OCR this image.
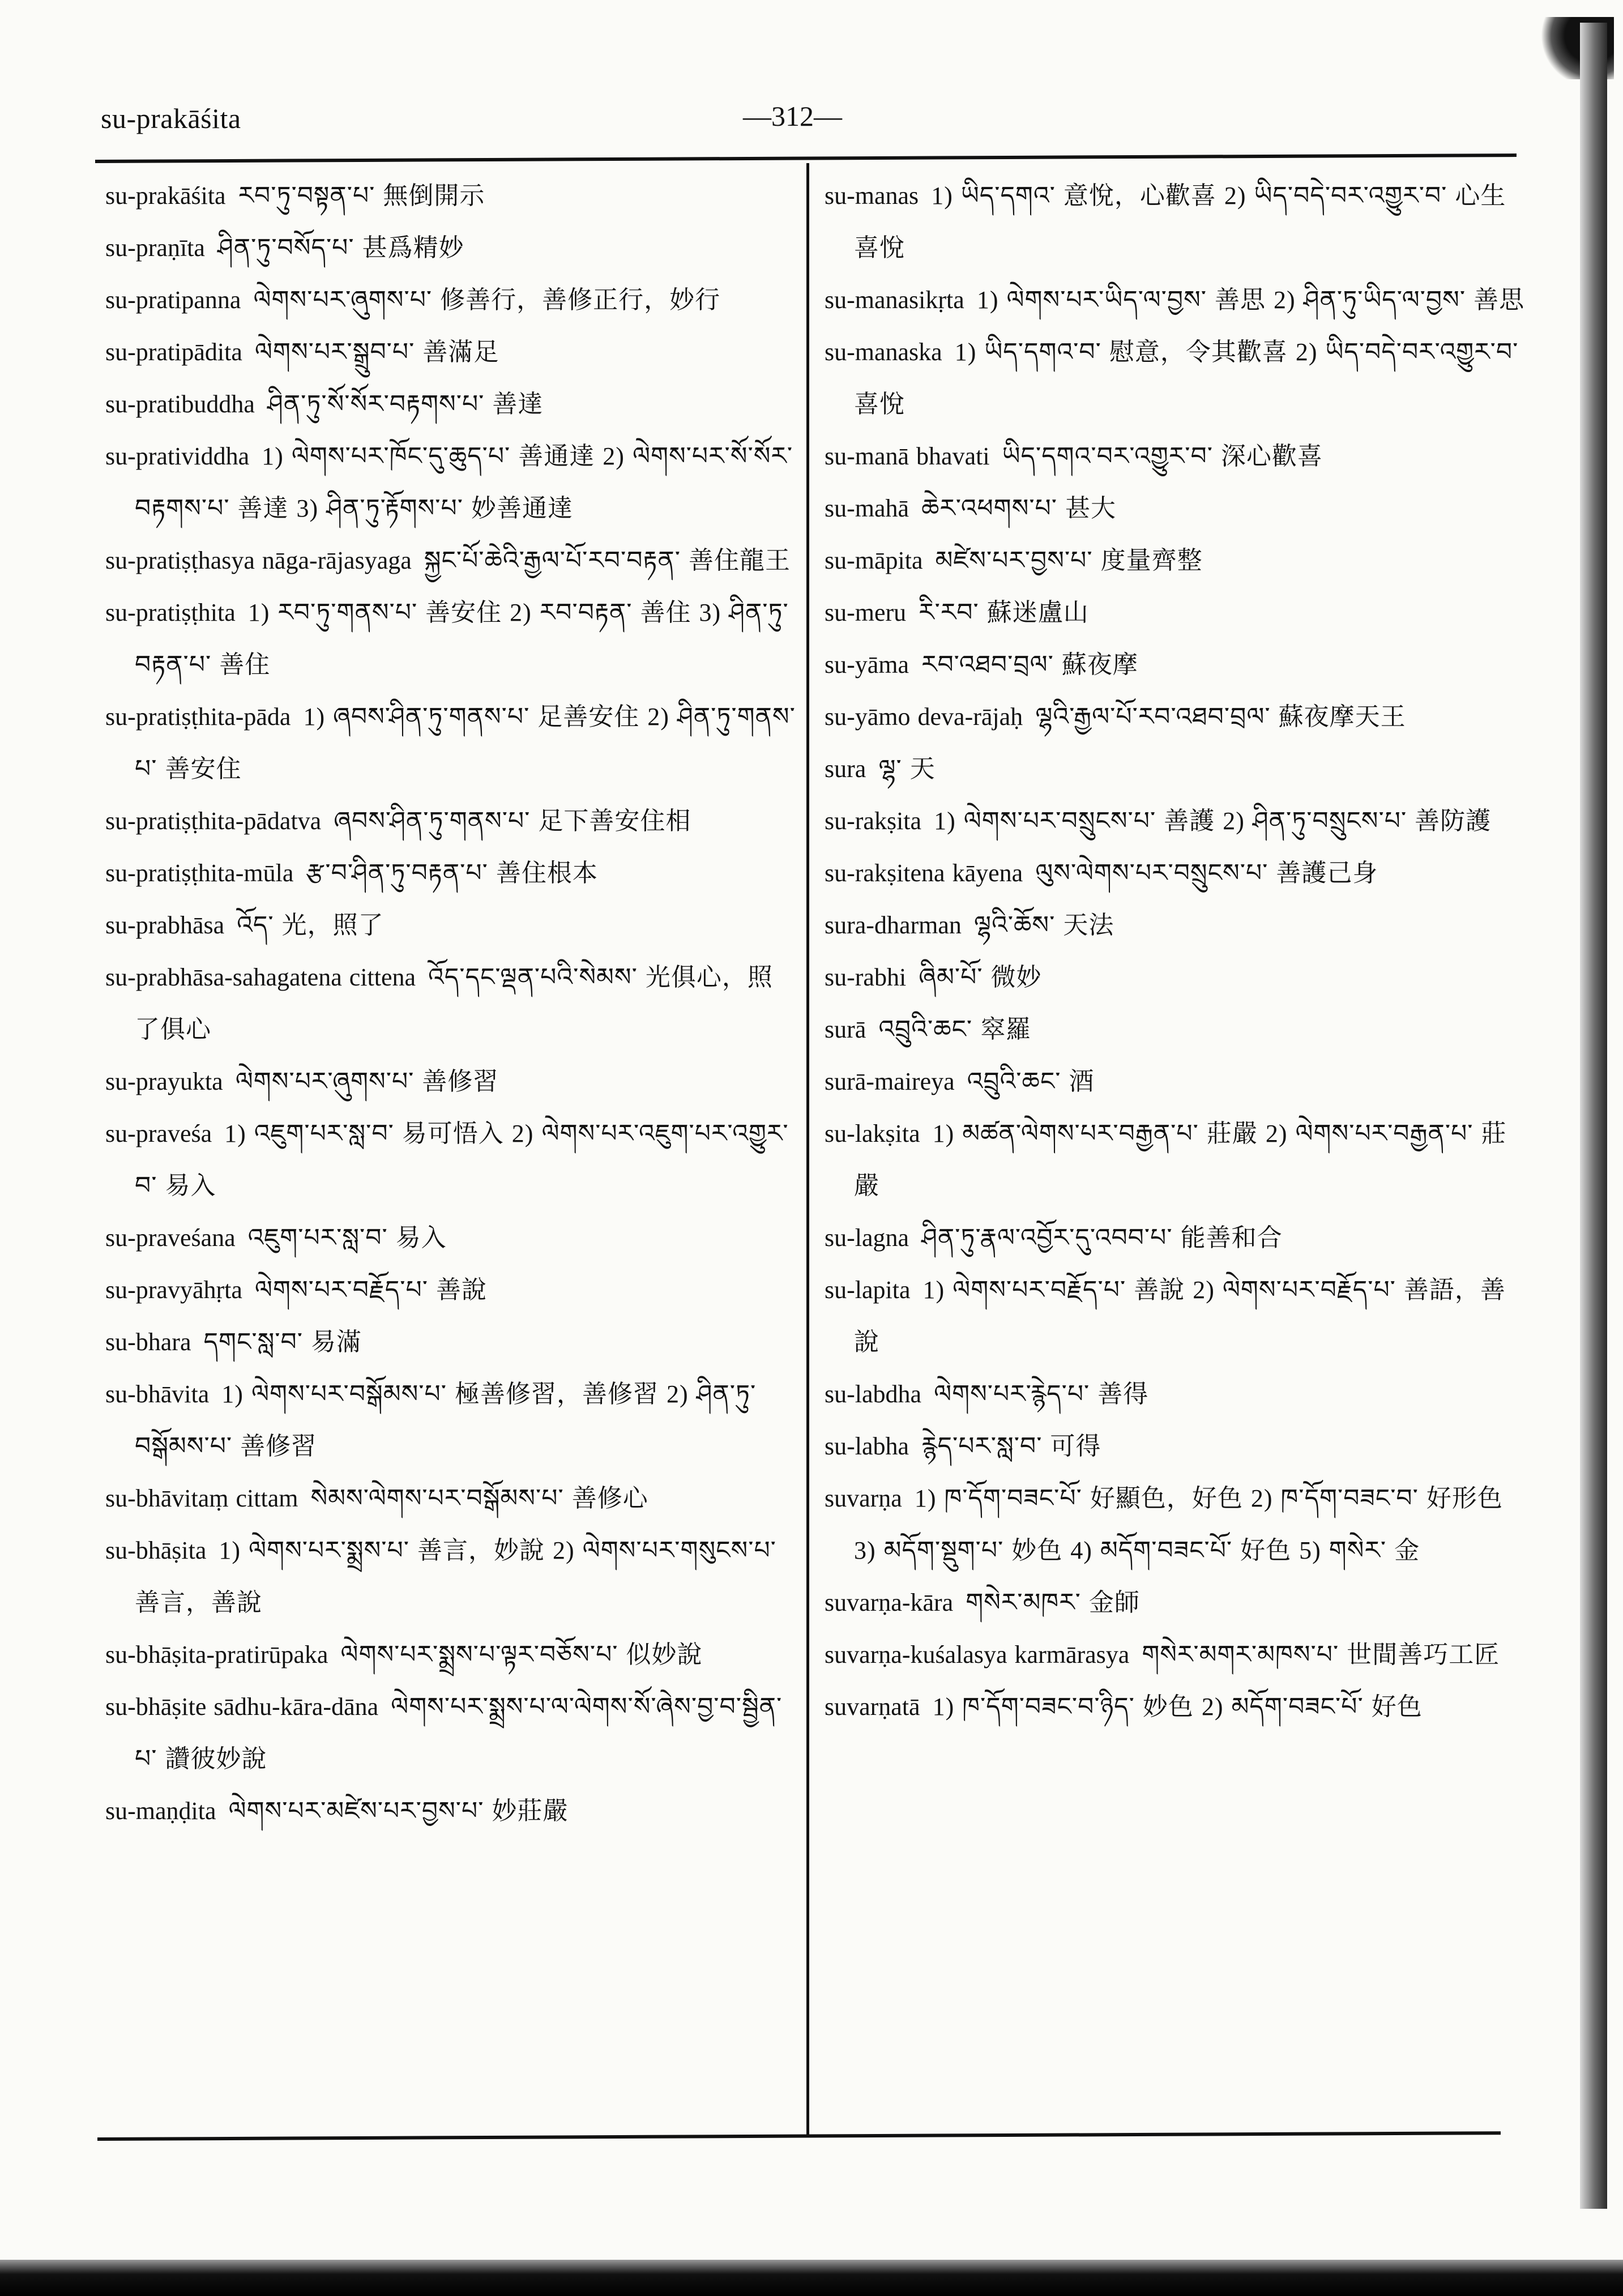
su-prakāśita	—312—
su-prakāśita རབ་ཏུ་བསྟན་པ་ 無倒開示
su-praṇīta ཤིན་ཏུ་བསོད་པ་ 甚爲精妙
su-pratipanna ལེགས་པར་ཞུགས་པ་ 修善行，善修正行，妙行
su-pratipādita ལེགས་པར་སྒྲུབ་པ་ 善滿足
su-pratibuddha ཤིན་ཏུ་སོ་སོར་བརྟགས་པ་ 善達
su-pratividdha 1) ལེགས་པར་ཁོང་དུ་ཆུད་པ་ 善通達 2) ལེགས་པར་སོ་སོར་བརྟགས་པ་ 善達 3) ཤིན་ཏུ་རྟོགས་པ་ 妙善通達
su-pratiṣṭhasya nāga-rājasyaga སྐྱང་པོ་ཆེའི་རྒྱལ་པོ་རབ་བརྟན་ 善住龍王
su-pratiṣṭhita 1) རབ་ཏུ་གནས་པ་ 善安住 2) རབ་བརྟན་ 善住 3) ཤིན་ཏུ་བརྟན་པ་ 善住
su-pratiṣṭhita-pāda 1) ཞབས་ཤིན་ཏུ་གནས་པ་ 足善安住 2) ཤིན་ཏུ་གནས་པ་ 善安住
su-pratiṣṭhita-pādatva ཞབས་ཤིན་ཏུ་གནས་པ་ 足下善安住相
su-pratiṣṭhita-mūla རྩ་བ་ཤིན་ཏུ་བརྟན་པ་ 善住根本
su-prabhāsa འོད་ 光，照了
su-prabhāsa-sahagatena cittena འོད་དང་ལྡན་པའི་སེམས་ 光俱心，照了俱心
su-prayukta ལེགས་པར་ཞུགས་པ་ 善修習
su-praveśa 1) འཇུག་པར་སླ་བ་ 易可悟入 2) ལེགས་པར་འཇུག་པར་འགྱུར་བ་ 易入
su-praveśana འཇུག་པར་སླ་བ་ 易入
su-pravyāhṛta ལེགས་པར་བརྗོད་པ་ 善說
su-bhara དགང་སླ་བ་ 易滿
su-bhāvita 1) ལེགས་པར་བསྒོམས་པ་ 極善修習，善修習 2) ཤིན་ཏུ་བསྒོམས་པ་ 善修習
su-bhāvitaṃ cittam སེམས་ལེགས་པར་བསྒོམས་པ་ 善修心
su-bhāṣita 1) ལེགས་པར་སྨྲས་པ་ 善言，妙說 2) ལེགས་པར་གསུངས་པ་ 善言，善說
su-bhāṣita-pratirūpaka ལེགས་པར་སྨྲས་པ་ལྟར་བཅོས་པ་ 似妙說
su-bhāṣite sādhu-kāra-dāna ལེགས་པར་སྨྲས་པ་ལ་ལེགས་སོ་ཞེས་བྱ་བ་སྦྱིན་པ་ 讚彼妙說
su-maṇḍita ལེགས་པར་མཛེས་པར་བྱས་པ་ 妙莊嚴
su-manas 1) ཡིད་དགའ་ 意悅，心歡喜 2) ཡིད་བདེ་བར་འགྱུར་བ་ 心生喜悅
su-manasikṛta 1) ལེགས་པར་ཡིད་ལ་བྱས་ 善思 2) ཤིན་ཏུ་ཡིད་ལ་བྱས་ 善思
su-manaska 1) ཡིད་དགའ་བ་ 慰意，令其歡喜 2) ཡིད་བདེ་བར་འགྱུར་བ་ 喜悅
su-manā bhavati ཡིད་དགའ་བར་འགྱུར་བ་ 深心歡喜
su-mahā ཆེར་འཕགས་པ་ 甚大
su-māpita མཛེས་པར་བྱས་པ་ 度量齊整
su-meru རི་རབ་ 蘇迷盧山
su-yāma རབ་འཐབ་བྲལ་ 蘇夜摩
su-yāmo deva-rājaḥ ལྷའི་རྒྱལ་པོ་རབ་འཐབ་བྲལ་ 蘇夜摩天王
sura ལྷ་ 天
su-rakṣita 1) ལེགས་པར་བསྲུངས་པ་ 善護 2) ཤིན་ཏུ་བསྲུངས་པ་ 善防護
su-rakṣitena kāyena ལུས་ལེགས་པར་བསྲུངས་པ་ 善護己身
sura-dharman ལྷའི་ཆོས་ 天法
su-rabhi ཞིམ་པོ་ 微妙
surā འབྲུའི་ཆང་ 窣羅
surā-maireya འབྲུའི་ཆང་ 酒
su-lakṣita 1) མཚན་ལེགས་པར་བརྒྱན་པ་ 莊嚴 2) ལེགས་པར་བརྒྱན་པ་ 莊嚴
su-lagna ཤིན་ཏུ་རྣལ་འབྱོར་དུ་འབབ་པ་ 能善和合
su-lapita 1) ལེགས་པར་བརྗོད་པ་ 善說 2) ལེགས་པར་བརྗོད་པ་ 善語，善說
su-labdha ལེགས་པར་རྙེད་པ་ 善得
su-labha རྙེད་པར་སླ་བ་ 可得
suvarṇa 1) ཁ་དོག་བཟང་པོ་ 好顯色，好色 2) ཁ་དོག་བཟང་བ་ 好形色 3) མདོག་སྡུག་པ་ 妙色 4) མདོག་བཟང་པོ་ 好色 5) གསེར་ 金
suvarṇa-kāra གསེར་མཁར་ 金師
suvarṇa-kuśalasya karmārasya གསེར་མགར་མཁས་པ་ 世間善巧工匠
suvarṇatā 1) ཁ་དོག་བཟང་བ་ཉིད་ 妙色 2) མདོག་བཟང་པོ་ 好色
